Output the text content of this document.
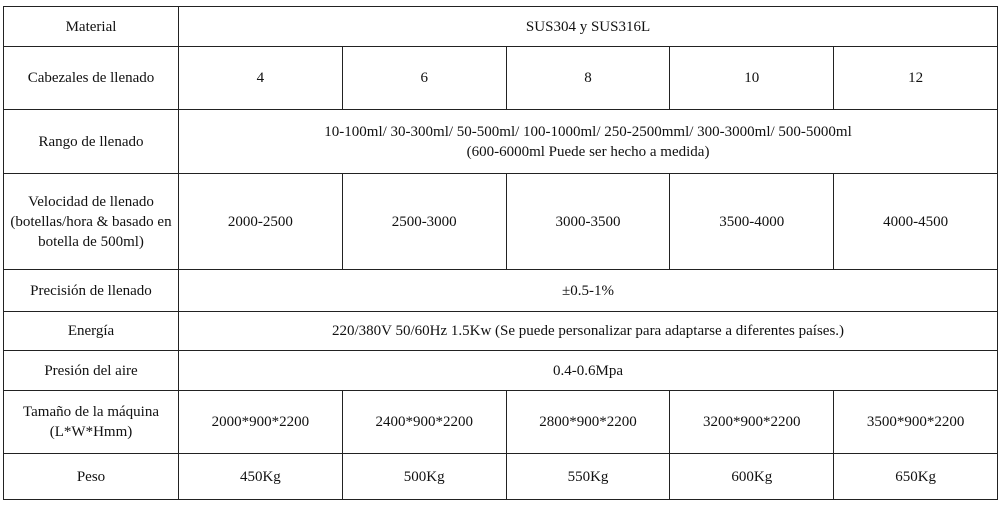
Material	SUS304 y SUS316L				
Cabezales de llenado	4	6	8	10	12
Rango de llenado	10-100ml/ 30-300ml/ 50-500ml/ 100-1000ml/ 250-2500mml/ 300-3000ml/ 500-5000ml
(600-6000ml Puede ser hecho a medida)				

Velocidad de llenado
(botellas/hora & basado en
botella de 500ml)	2000-2500	2500-3000	3000-3500	3500-4000	4000-4500
Precisión de llenado	±0.5-1%				
Energía	220/380V 50/60Hz 1.5Kw (Se puede personalizar para adaptarse a diferentes países.)				
Presión del aire	0.4-0.6Mpa				

Tamaño de la máquina
(L*W*Hmm)	2000*900*2200	2400*900*2200	2800*900*2200	3200*900*2200	3500*900*2200
Peso	450Kg	500Kg	550Kg	600Kg	650Kg
